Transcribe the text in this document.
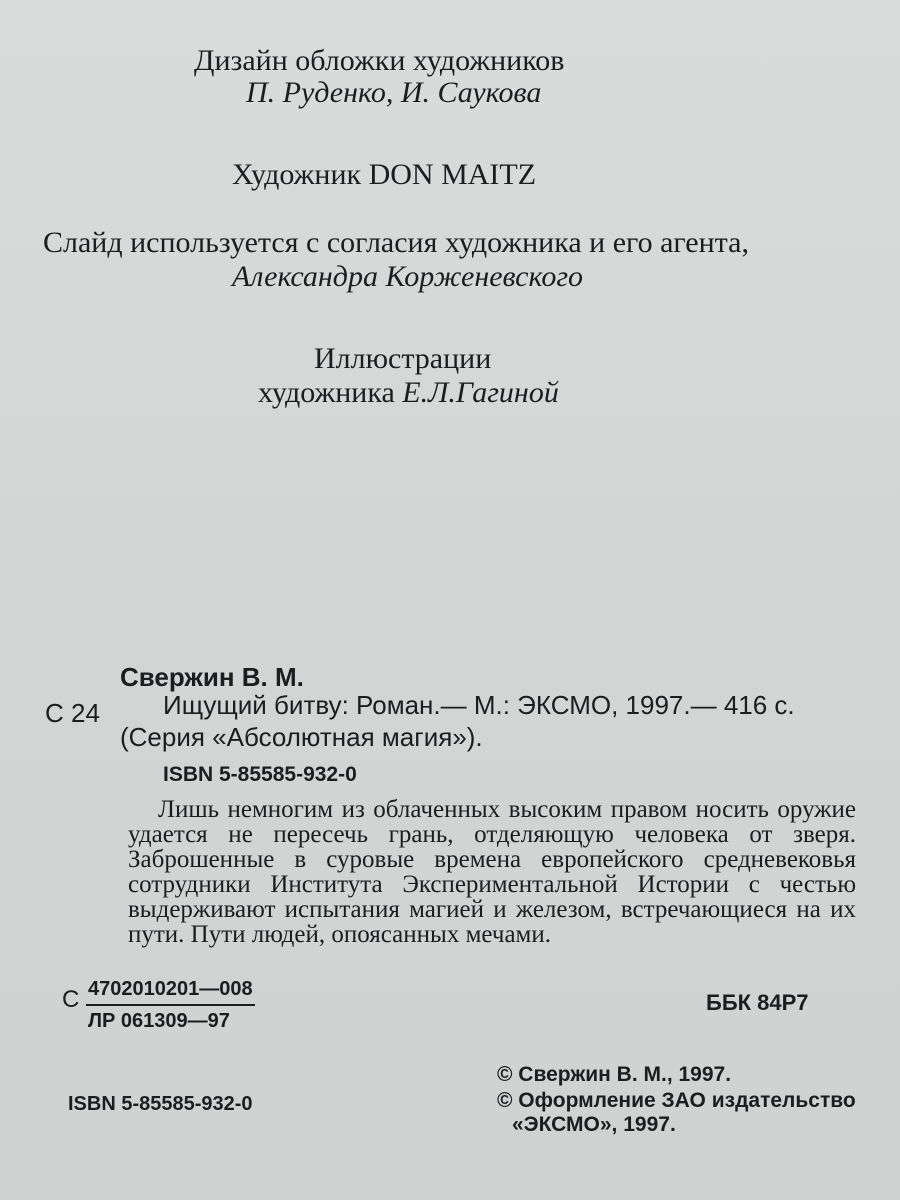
Дизайн обложки художников
П. Руденко, И. Саукова
Художник DON MAITZ
Слайд используется с согласия художника и его агента,
Александра Корженевского
Иллюстрации
художника Е.Л.Гагиной
Свержин В. М.
С 24 Ищущий битву: Роман.— М.: ЭКСМО, 1997.— 416 с.
(Серия «Абсолютная магия»).
ISBN 5-85585-932-0
Лишь немногим из облаченных высоким правом носить оружие удается не пересечь грань, отделяющую человека от зверя. Заброшенные в суровые времена европейского средневековья сотрудники Института Экспериментальной Истории с честью выдерживают испытания магией и железом, встречающиеся на их пути. Пути людей, опоясанных мечами.
С 4702010201—008
ЛР 061309—97
ББК 84Р7
ISBN 5-85585-932-0
© Свержин В. М., 1997.
© Оформление ЗАО издательство
«ЭКСМО», 1997.
